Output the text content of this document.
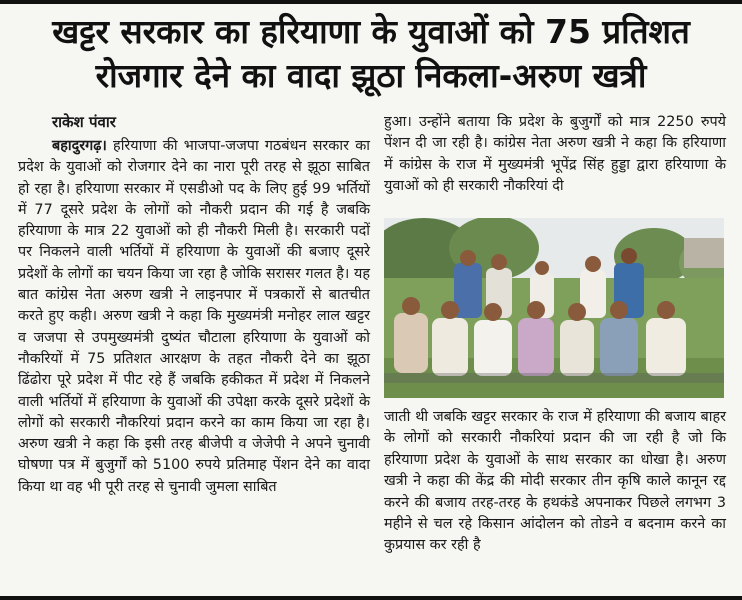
खट्टर सरकार का हरियाणा के युवाओं को 75 प्रतिशत
रोजगार देने का वादा झूठा निकला-अरुण खत्री
राकेश पंवार
बहादुरगढ़। हरियाणा की भाजपा-जजपा गठबंधन सरकार का प्रदेश के युवाओं को रोजगार देने का नारा पूरी तरह से झूठा साबित हो रहा है। हरियाणा सरकार में एसडीओ पद के लिए हुई 99 भर्तियों में 77 दूसरे प्रदेश के लोगों को नौकरी प्रदान की गई है जबकि हरियाणा के मात्र 22 युवाओं को ही नौकरी मिली है। सरकारी पदों पर निकलने वाली भर्तियों में हरियाणा के युवाओं की बजाए दूसरे प्रदेशों के लोगों का चयन किया जा रहा है जोकि सरासर गलत है। यह बात कांग्रेस नेता अरुण खत्री ने लाइनपार में पत्रकारों से बातचीत करते हुए कही। अरुण खत्री ने कहा कि मुख्यमंत्री मनोहर लाल खट्टर व जजपा से उपमुख्यमंत्री दुष्यंत चौटाला हरियाणा के युवाओं को नौकरियों में 75 प्रतिशत आरक्षण के तहत नौकरी देने का झूठा ढिंढोरा पूरे प्रदेश में पीट रहे हैं जबकि हकीकत में प्रदेश में निकलने वाली भर्तियों में हरियाणा के युवाओं की उपेक्षा करके दूसरे प्रदेशों के लोगों को सरकारी नौकरियां प्रदान करने का काम किया जा रहा है। अरुण खत्री ने कहा कि इसी तरह बीजेपी व जेजेपी ने अपने चुनावी घोषणा पत्र में बुजुर्गों को 5100 रुपये प्रतिमाह पेंशन देने का वादा किया था वह भी पूरी तरह से चुनावी जुमला साबित
हुआ। उन्होंने बताया कि प्रदेश के बुजुर्गों को मात्र 2250 रुपये पेंशन दी जा रही है। कांग्रेस नेता अरुण खत्री ने कहा कि हरियाणा में कांग्रेस के राज में मुख्यमंत्री भूपेंद्र सिंह हुड्डा द्वारा हरियाणा के युवाओं को ही सरकारी नौकरियां दी
जाती थी जबकि खट्टर सरकार के राज में हरियाणा की बजाय बाहर के लोगों को सरकारी नौकरियां प्रदान की जा रही है जो कि हरियाणा प्रदेश के युवाओं के साथ सरकार का धोखा है। अरुण खत्री ने कहा की केंद्र की मोदी सरकार तीन कृषि काले कानून रद्द करने की बजाय तरह-तरह के हथकंडे अपनाकर पिछले लगभग 3 महीने से चल रहे किसान आंदोलन को तोडने व बदनाम करने का कुप्रयास कर रही है
